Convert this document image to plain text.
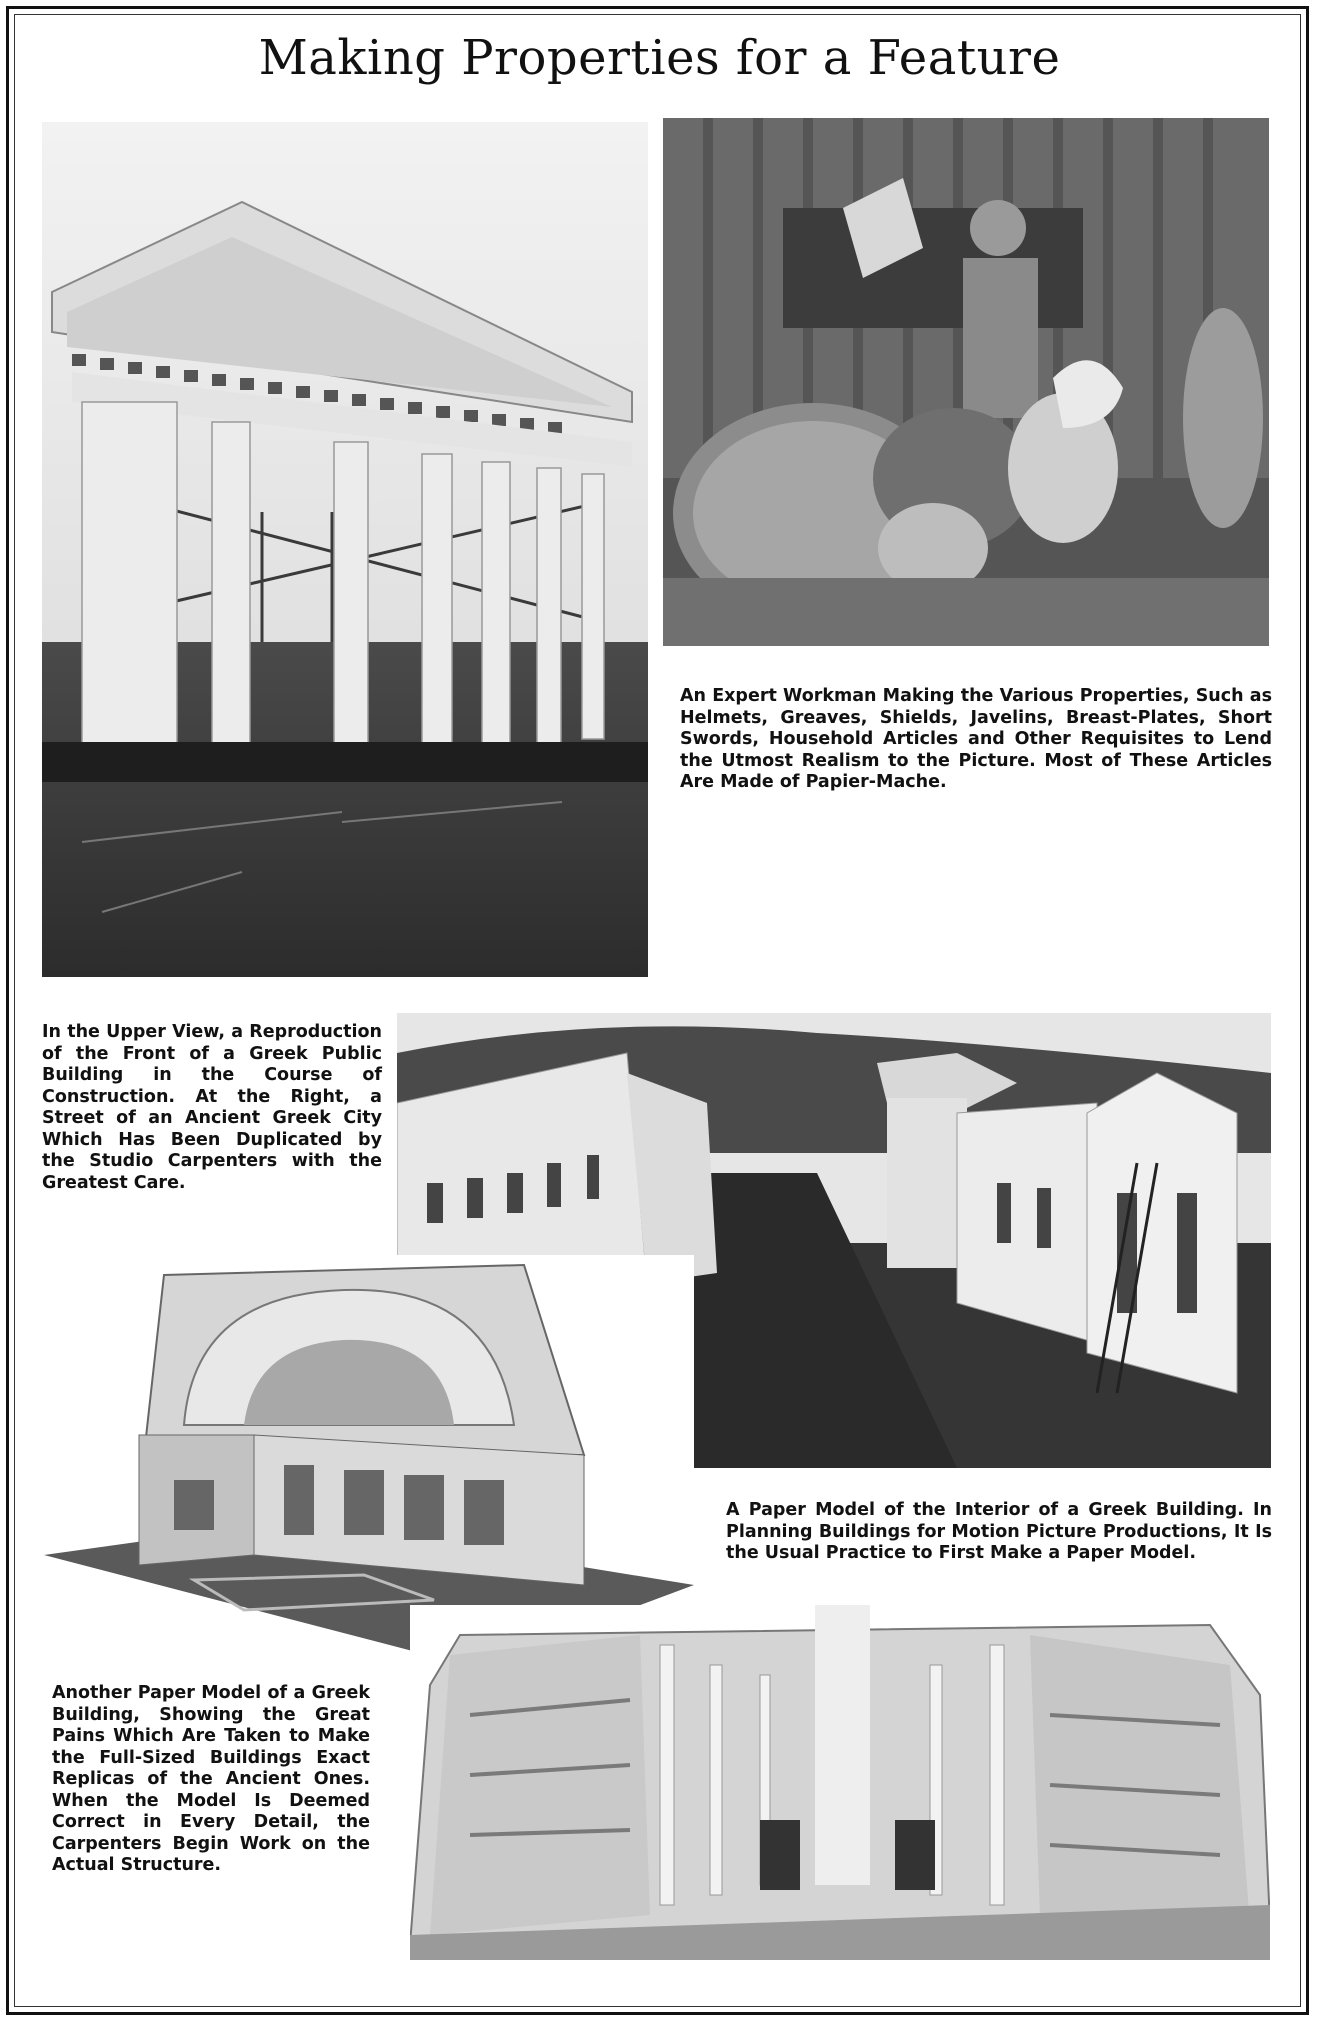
Making Properties for a Feature
An Expert Workman Making the Various Properties, Such as Helmets, Greaves, Shields, Javelins, Breast-Plates, Short Swords, Household Articles and Other Requisites to Lend the Utmost Realism to the Picture. Most of These Articles Are Made of Papier-Mache.
In the Upper View, a Reproduction of the Front of a Greek Public Building in the Course of Construction. At the Right, a Street of an Ancient Greek City Which Has Been Duplicated by the Studio Carpenters with the Greatest Care.
A Paper Model of the Interior of a Greek Building. In Planning Buildings for Motion Picture Productions, It Is the Usual Practice to First Make a Paper Model.
Another Paper Model of a Greek Building, Showing the Great Pains Which Are Taken to Make the Full-Sized Buildings Exact Replicas of the Ancient Ones. When the Model Is Deemed Correct in Every Detail, the Carpenters Begin Work on the Actual Structure.
